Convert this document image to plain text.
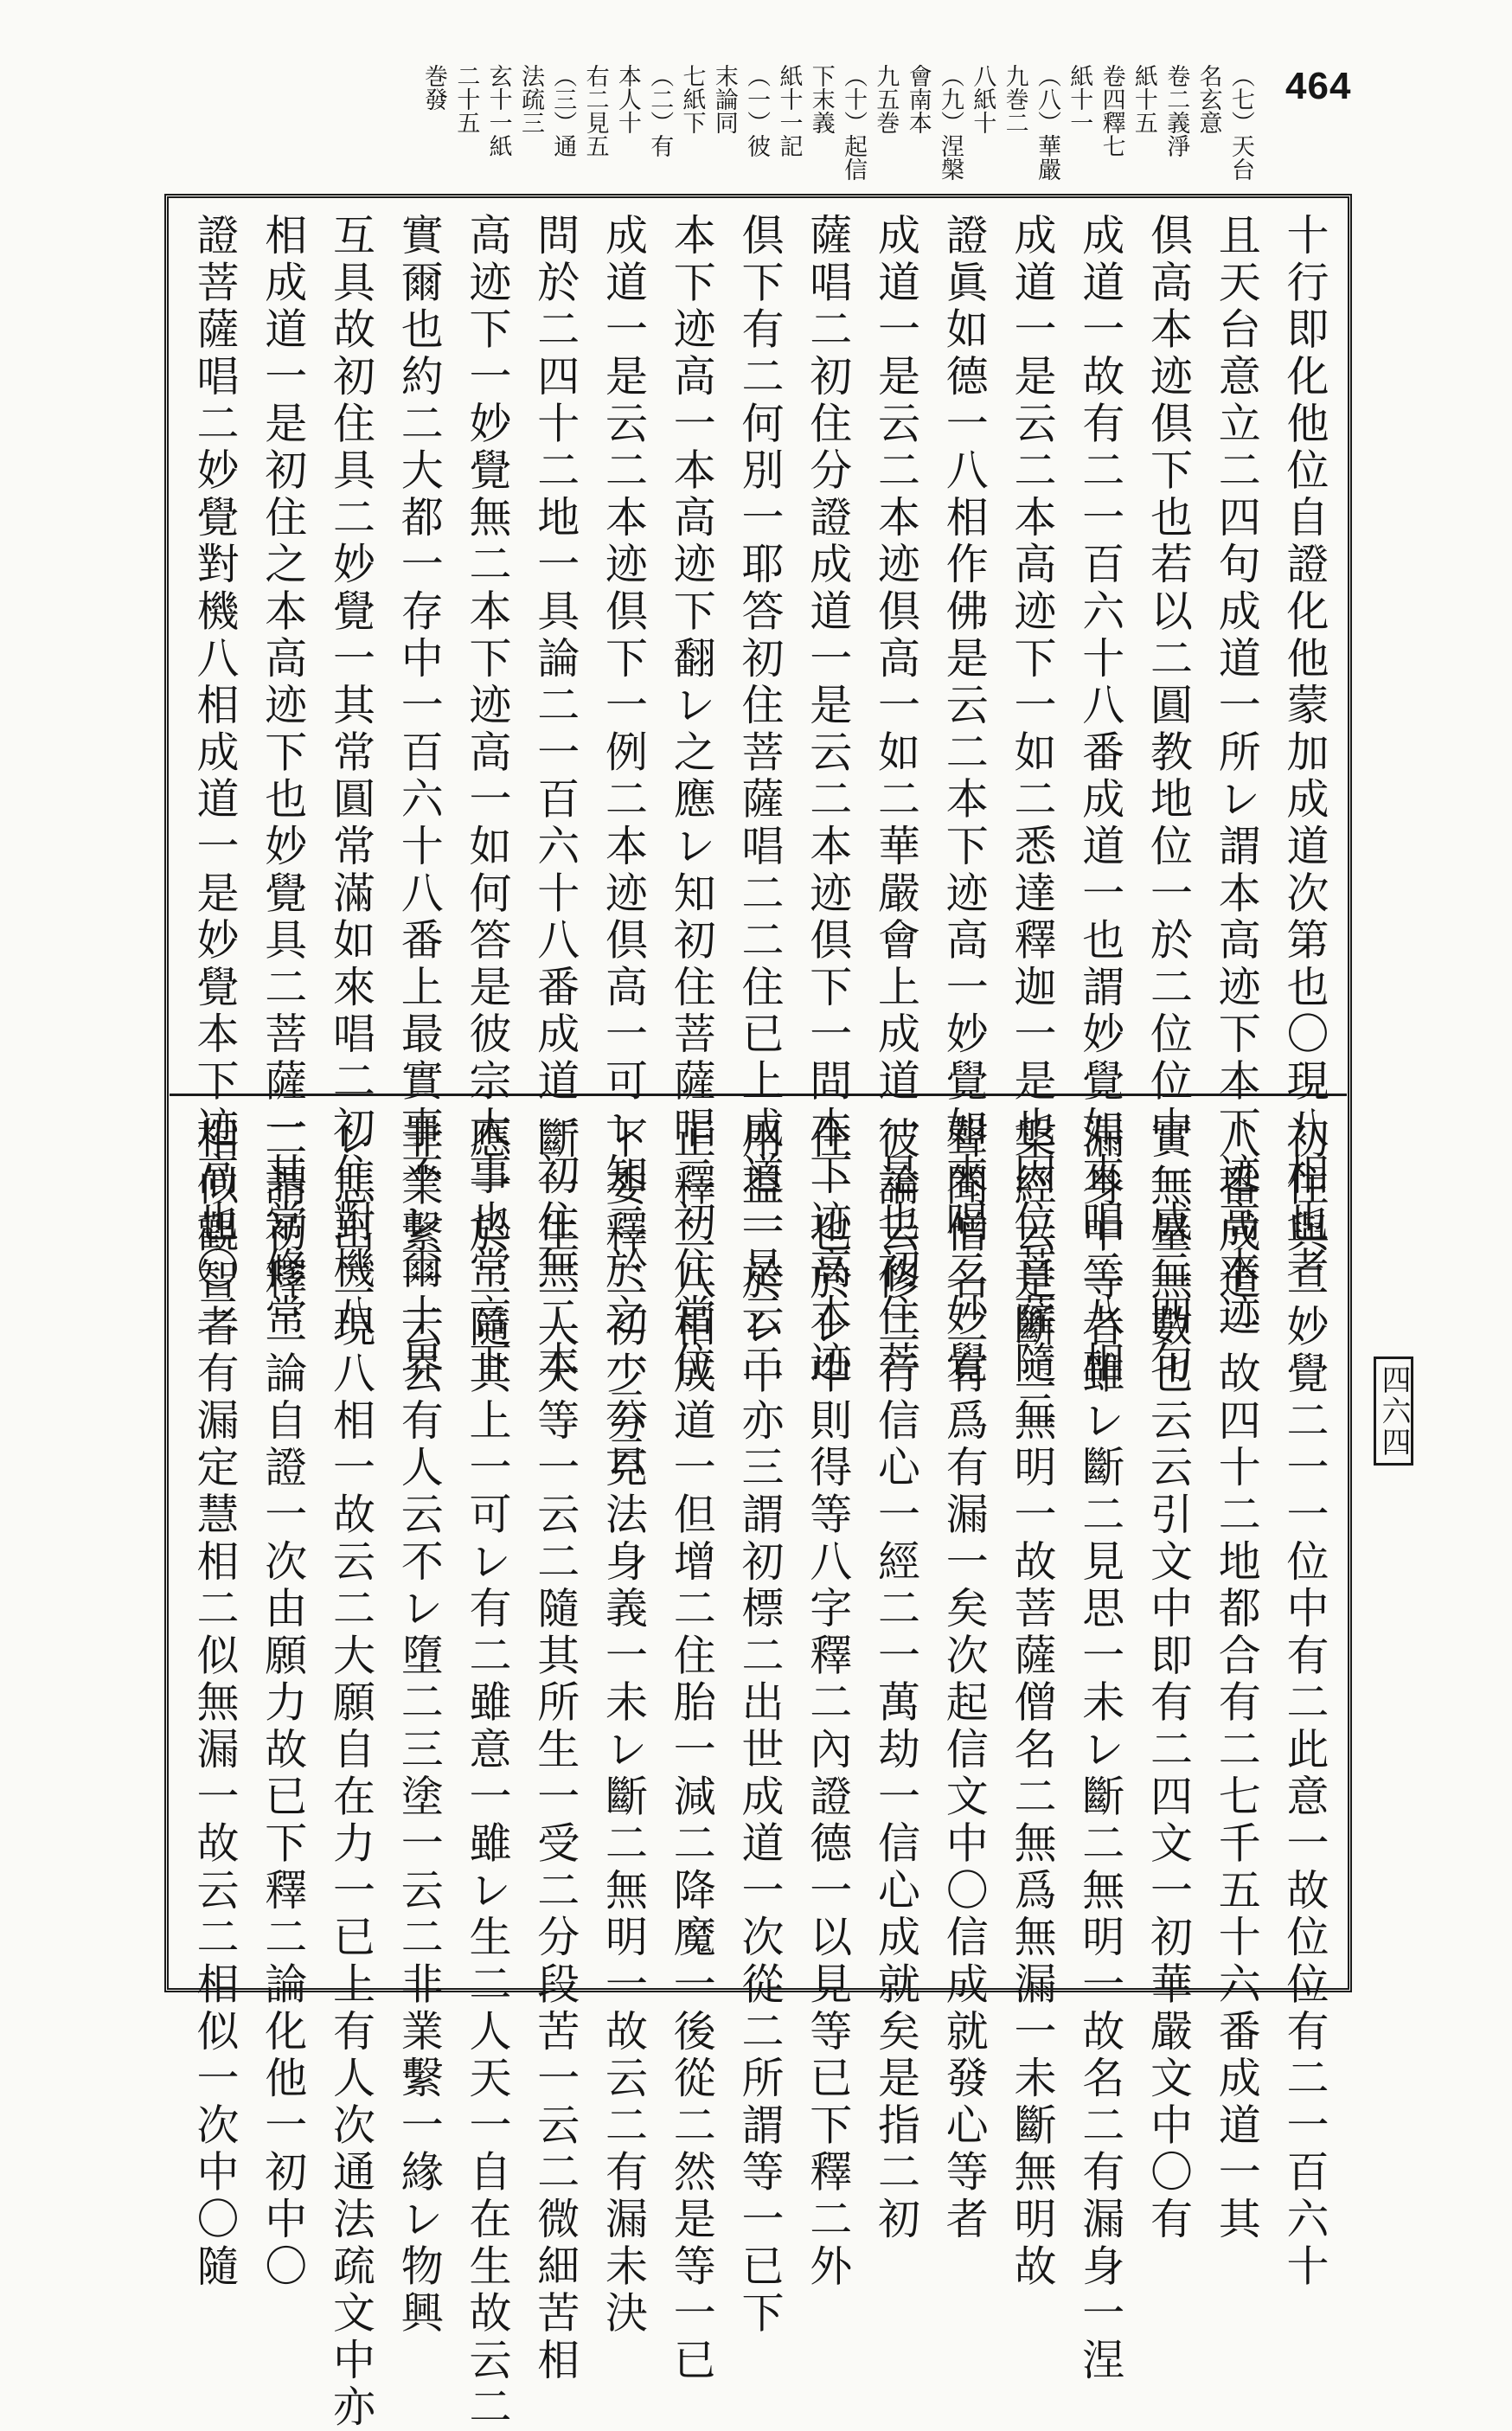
464
（七）天台
名玄意
卷二義淨
紙十五
卷四釋七
紙十一
（八）華嚴
九巻二
八紙十
（九）涅槃
會南本
九五巻
（十）起信
下末義
紙十一記
（一）彼
末論同
七紙下
（二）有
本人十
右二見五
（三）通
法疏三
玄十一紙
二十五
巻發
十行即化他位自證化他蒙加成道次第也〇現八相也者
且天台意立二四句成道一所レ謂本高迹下本下迹高本迹
倶高本迹倶下也若以二圓教地位一於二位位中一成二四句
成道一故有二一百六十八番成道一也謂妙覺如來唱二八相
成道一是云二本高迹下一如二悉達釋迦一是也因位菩薩隨二
證眞如德一八相作佛是云二本下迹高一妙覺如來唱二妙覺
成道一是云二本迹倶高一如二華嚴會上成道一是也初住菩
薩唱二初住分證成道一是云二本迹倶下一問本下迹高本迹
倶下有二何別一耶答初住菩薩唱二二住已上成道一是云二
本下迹高一本高迹下翻レ之應レ知初住菩薩唱二初住當位
成道一是云二本迹倶下一例二本迹倶高一可レ知二於之一云云
問於二四十二地一具論二一百六十八番成道一初住無二本
高迹下一妙覺無二本下迹高一如何答是彼宗大事也常言下
實爾也約二大都一存中一百六十八番上最實事不レ爾十界
互具故初住具二妙覺一其常圓常滿如來唱二初住對機八
相成道一是初住之本高迹下也妙覺具二菩薩一其常修常
證菩薩唱二妙覺對機八相成道一是妙覺本下迹高也〇三
初住與二妙覺二一一位中有二此意一故位位有二一百六十
八番成道一故四十二地都合有二七千五十六番成道一其
實無量無數也云云引文中即有二四文一初華嚴文中〇有
漏身中等者雖レ斷二見思一未レ斷二無明一故名二有漏身一涅
槃經云是斷二無明一故菩薩僧名二無爲無漏一未斷無明故
聲聞僧名二有爲有漏一矣次起信文中〇信成就發心等者
彼論云修二行信心一經二一萬劫一信心成就矣是指二初
住一也於レ中則得等八字釋二內證德一以見等已下釋二外
用益一於レ中亦三謂初標二出世成道一次從二所謂等一已下
正釋二八相成道一但增二住胎一減二降魔一後從二然是等一已
下委釋二初少分見法身義一未レ斷二無明一故云二有漏未決
斷一生二人天等一云二隨其所生一受二分段苦一云二微細苦相
應一於二隨其上一可レ有二雖意一雖レ生二人天一自在生故云二
非業繫一云云有人云不レ墮二三塗一云二非業繫一緣レ物興
レ悲出二現八相一故云二大願自在力一已上有人次通法疏文中亦
二謂初釋二論自證一次由願力故已下釋二論化他一初中〇
相似觀智者有漏定慧相二似無漏一故云二相似一次中〇隨	四六四
